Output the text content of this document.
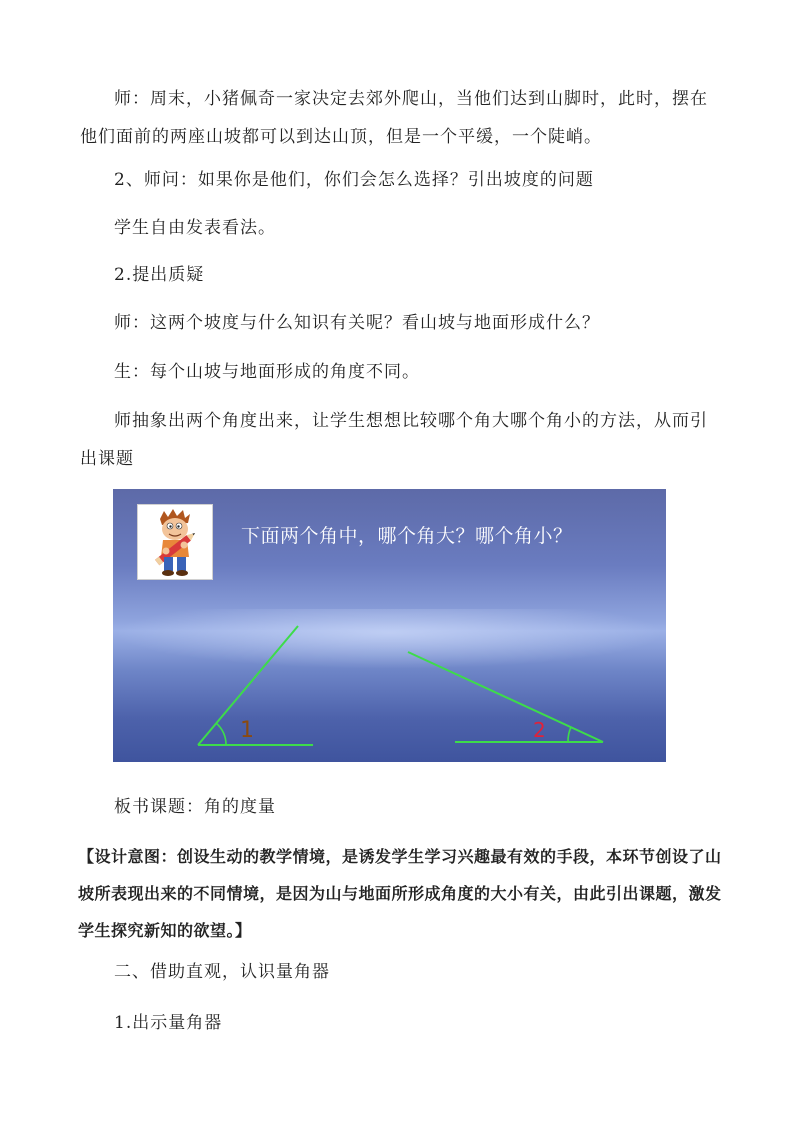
师：周末，小猪佩奇一家决定去郊外爬山，当他们达到山脚时，此时，摆在他们面前的两座山坡都可以到达山顶，但是一个平缓，一个陡峭。

2、师问：如果你是他们，你们会怎么选择？引出坡度的问题

学生自由发表看法。

2.提出质疑

师：这两个坡度与什么知识有关呢？看山坡与地面形成什么？

生：每个山坡与地面形成的角度不同。

师抽象出两个角度出来，让学生想想比较哪个角大哪个角小的方法，从而引出课题

下面两个角中，哪个角大？哪个角小？
1	2

板书课题：角的度量

【设计意图：创设生动的教学情境，是诱发学生学习兴趣最有效的手段，本环节创设了山坡所表现出来的不同情境，是因为山与地面所形成角度的大小有关，由此引出课题，激发学生探究新知的欲望。】

二、借助直观，认识量角器

1.出示量角器
